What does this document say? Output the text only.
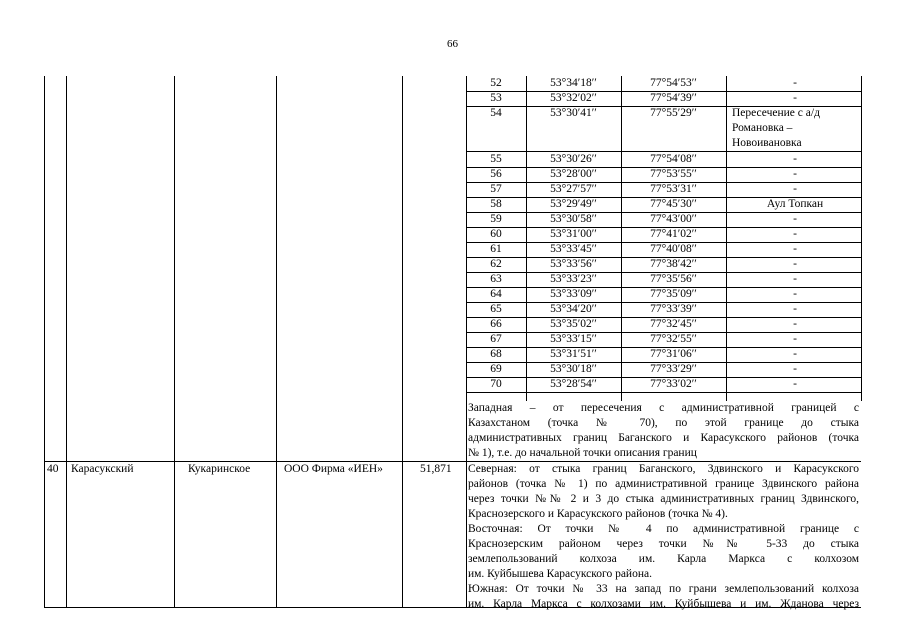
66
52	53°34′18′′	77°54′53′′	-
53	53°32′02′′	77°54′39′′	-
54	53°30′41′′	77°55′29′′	Пересечение с а/д Романовка – Новоивановка
55	53°30′26′′	77°54′08′′	-
56	53°28′00′′	77°53′55′′	-
57	53°27′57′′	77°53′31′′	-
58	53°29′49′′	77°45′30′′	Аул Топкан
59	53°30′58′′	77°43′00′′	-
60	53°31′00′′	77°41′02′′	-
61	53°33′45′′	77°40′08′′	-
62	53°33′56′′	77°38′42′′	-
63	53°33′23′′	77°35′56′′	-
64	53°33′09′′	77°35′09′′	-
65	53°34′20′′	77°33′39′′	-
66	53°35′02′′	77°32′45′′	-
67	53°33′15′′	77°32′55′′	-
68	53°31′51′′	77°31′06′′	-
69	53°30′18′′	77°33′29′′	-
70	53°28′54′′	77°33′02′′	-
Западная – от пересечения с административной границей с
Казахстаном (точка № 70), по этой границе до стыка
административных границ Баганского и Карасукского районов (точка
№ 1), т.е. до начальной точки описания границ
40 Карасукский	Кукаринское	ООО Фирма «ИЕН»	51,871 Северная: от стыка границ Баганского, Здвинского и Карасукского
районов (точка № 1) по административной границе Здвинского района
через точки №№ 2 и 3 до стыка административных границ Здвинского,
Краснозерского и Карасукского районов (точка № 4).
Восточная: От точки № 4 по административной границе с
Краснозерским районом через точки №№ 5-33 до стыка
землепользований колхоза им. Карла Маркса с колхозом
им. Куйбышева Карасукского района.
Южная: От точки № 33 на запад по грани землепользований колхоза
им. Карла Маркса с колхозами им. Куйбышева и им. Жданова через
